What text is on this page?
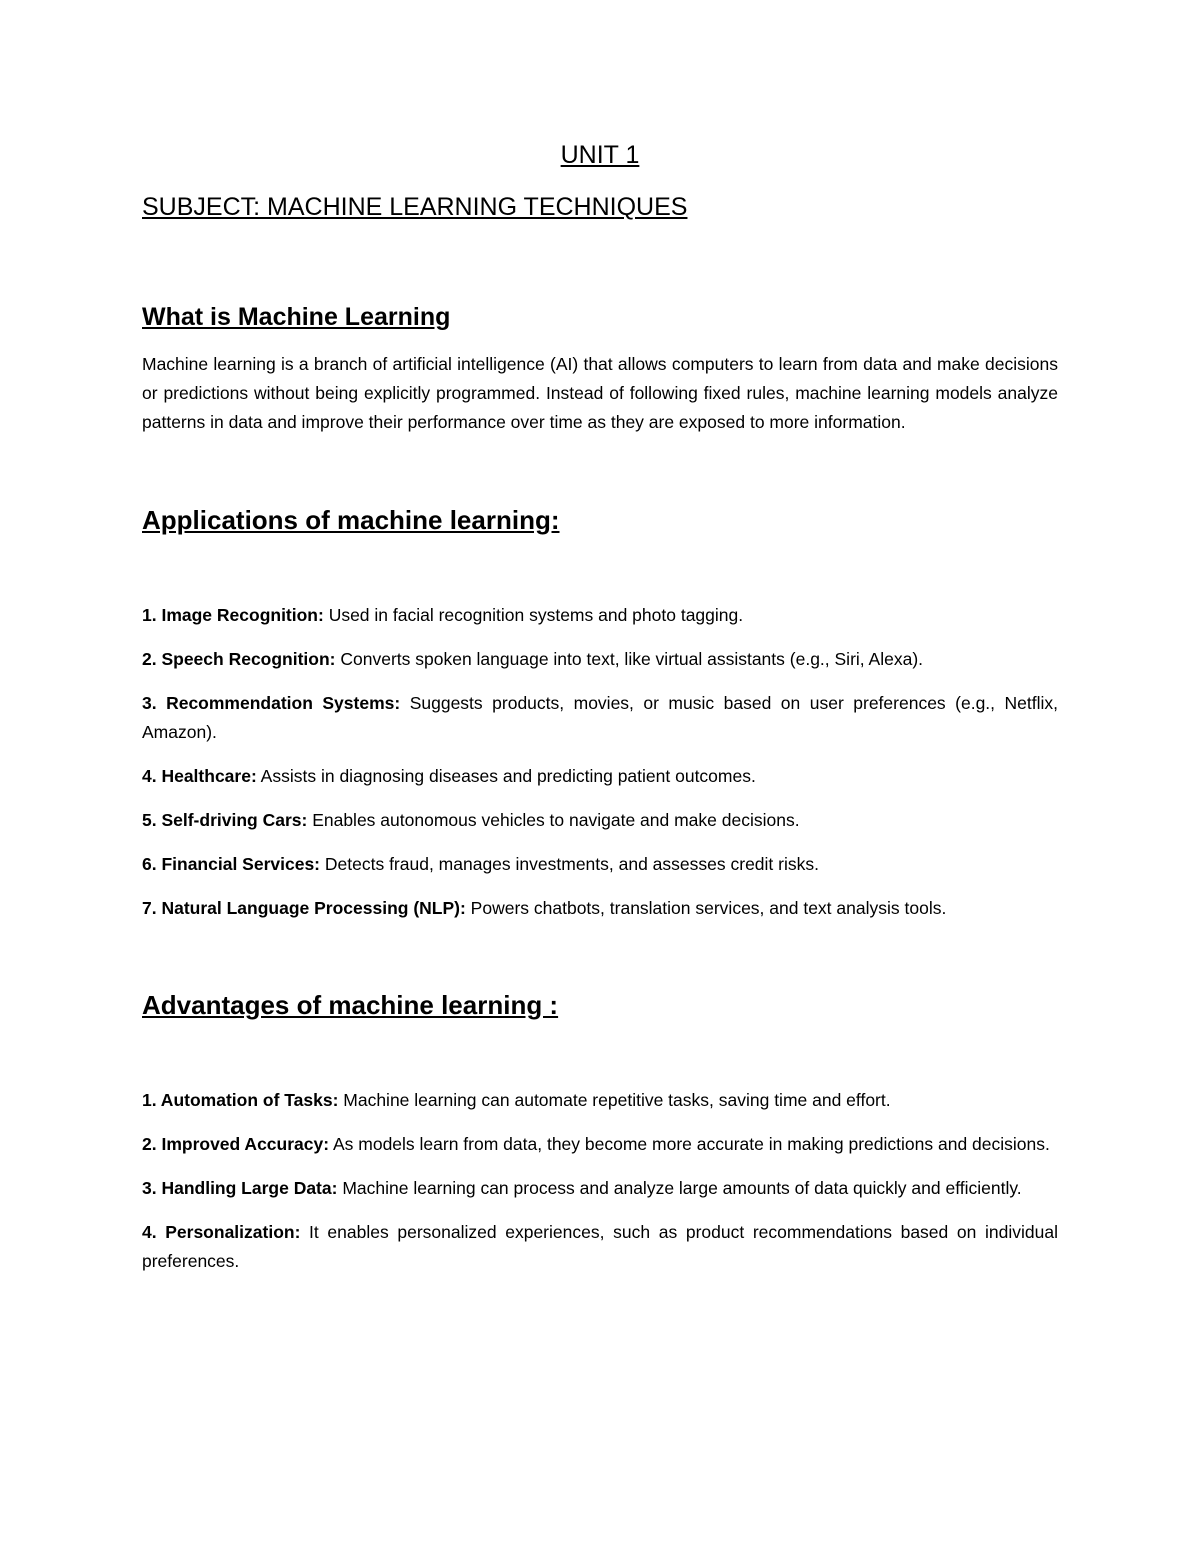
UNIT 1
SUBJECT: MACHINE LEARNING TECHNIQUES
What is Machine Learning
Machine learning is a branch of artificial intelligence (AI) that allows computers to learn from data and make decisions or predictions without being explicitly programmed. Instead of following fixed rules, machine learning models analyze patterns in data and improve their performance over time as they are exposed to more information.
Applications of machine learning:
1. Image Recognition: Used in facial recognition systems and photo tagging.
2. Speech Recognition: Converts spoken language into text, like virtual assistants (e.g., Siri, Alexa).
3. Recommendation Systems: Suggests products, movies, or music based on user preferences (e.g., Netflix, Amazon).
4. Healthcare: Assists in diagnosing diseases and predicting patient outcomes.
5. Self-driving Cars: Enables autonomous vehicles to navigate and make decisions.
6. Financial Services: Detects fraud, manages investments, and assesses credit risks.
7. Natural Language Processing (NLP): Powers chatbots, translation services, and text analysis tools.
Advantages of machine learning :
1. Automation of Tasks: Machine learning can automate repetitive tasks, saving time and effort.
2. Improved Accuracy: As models learn from data, they become more accurate in making predictions and decisions.
3. Handling Large Data: Machine learning can process and analyze large amounts of data quickly and efficiently.
4. Personalization: It enables personalized experiences, such as product recommendations based on individual preferences.
